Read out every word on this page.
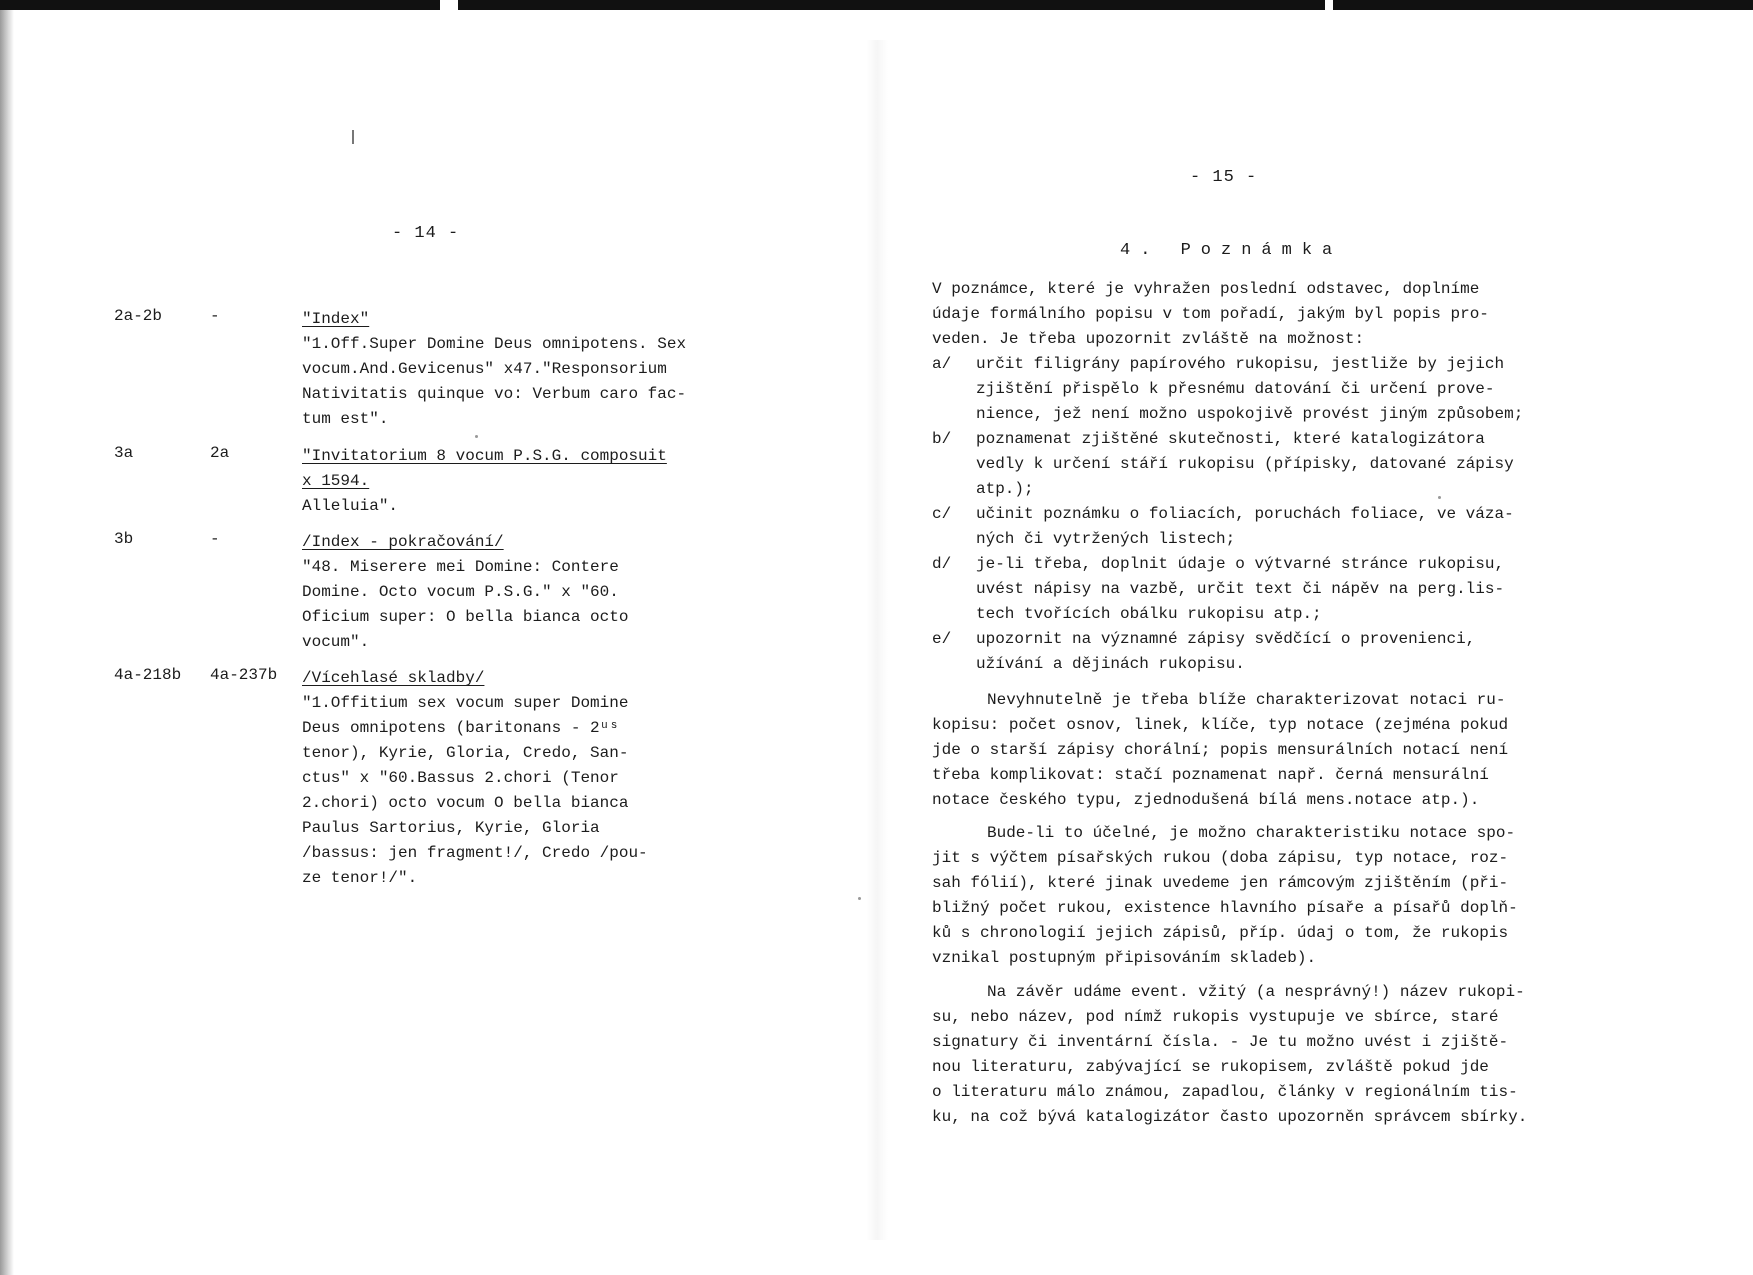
- 14 -
2a-2b	-	"Index"
"1.Off.Super Domine Deus omnipotens. Sex
vocum.And.Gevicenus" x47."Responsorium
Nativitatis quinque vo: Verbum caro fac-
tum est".
3a	2a	"Invitatorium 8 vocum P.S.G. composuit
x 1594.
Alleluia".
3b	-	/Index - pokračování/
"48. Miserere mei Domine: Contere
Domine. Octo vocum P.S.G." x "60.
Oficium super: O bella bianca octo
vocum".
4a-218b 4a-237b /Vícehlasé skladby/
"1.Offitium sex vocum super Domine
Deus omnipotens (baritonans - 2ᵘˢ
tenor), Kyrie, Gloria, Credo, San-
ctus" x "60.Bassus 2.chori (Tenor
2.chori) octo vocum O bella bianca
Paulus Sartorius, Kyrie, Gloria
/bassus: jen fragment!/, Credo /pou-
ze tenor!/".
- 15 -
4. Poznámka
V poznámce, které je vyhražen poslední odstavec, doplníme
údaje formálního popisu v tom pořadí, jakým byl popis pro-
veden. Je třeba upozornit zvláště na možnost:
a/ určit filigrány papírového rukopisu, jestliže by jejich
zjištění přispělo k přesnému datování či určení prove-
nience, jež není možno uspokojivě provést jiným způsobem;
b/ poznamenat zjištěné skutečnosti, které katalogizátora
vedly k určení stáří rukopisu (přípisky, datované zápisy
atp.);
c/ učinit poznámku o foliacích, poruchách foliace, ve váza-
ných či vytržených listech;
d/ je-li třeba, doplnit údaje o výtvarné stránce rukopisu,
uvést nápisy na vazbě, určit text či nápěv na perg.lis-
tech tvořících obálku rukopisu atp.;
e/ upozornit na významné zápisy svědčící o provenienci,
užívání a dějinách rukopisu.
Nevyhnutelně je třeba blíže charakterizovat notaci ru-
kopisu: počet osnov, linek, klíče, typ notace (zejména pokud
jde o starší zápisy chorální; popis mensurálních notací není
třeba komplikovat: stačí poznamenat např. černá mensurální
notace českého typu, zjednodušená bílá mens.notace atp.).
Bude-li to účelné, je možno charakteristiku notace spo-
jit s výčtem písařských rukou (doba zápisu, typ notace, roz-
sah fólií), které jinak uvedeme jen rámcovým zjištěním (při-
bližný počet rukou, existence hlavního písaře a písařů doplň-
ků s chronologií jejich zápisů, příp. údaj o tom, že rukopis
vznikal postupným připisováním skladeb).
Na závěr udáme event. vžitý (a nesprávný!) název rukopi-
su, nebo název, pod nímž rukopis vystupuje ve sbírce, staré
signatury či inventární čísla. - Je tu možno uvést i zjiště-
nou literaturu, zabývající se rukopisem, zvláště pokud jde
o literaturu málo známou, zapadlou, články v regionálním tis-
ku, na což bývá katalogizátor často upozorněn správcem sbírky.
